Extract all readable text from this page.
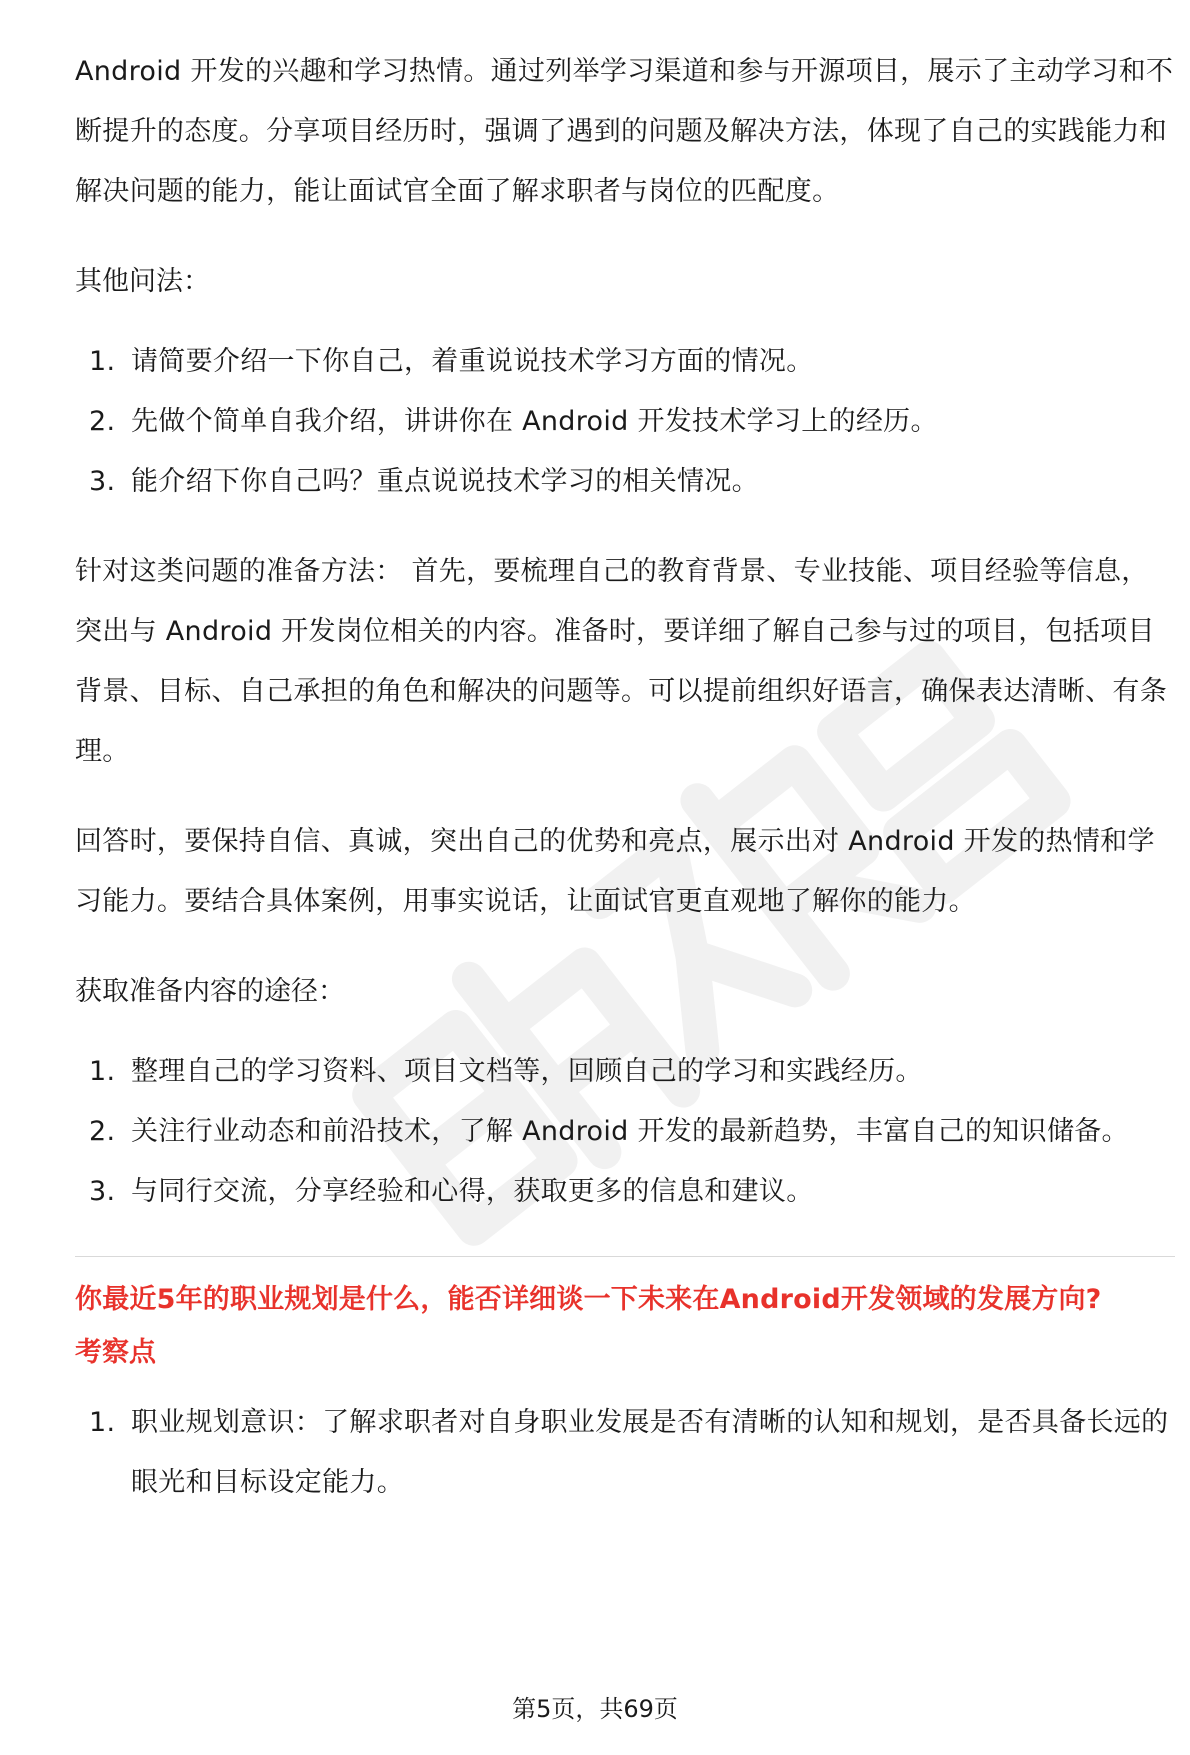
Android 开发的兴趣和学习热情。通过列举学习渠道和参与开源项目，展示了主动学习和不断提升的态度。分享项目经历时，强调了遇到的问题及解决方法，体现了自己的实践能力和解决问题的能力，能让面试官全面了解求职者与岗位的匹配度。

其他问法：

1. 请简要介绍一下你自己，着重说说技术学习方面的情况。
2. 先做个简单自我介绍，讲讲你在 Android 开发技术学习上的经历。
3. 能介绍下你自己吗？重点说说技术学习的相关情况。

针对这类问题的准备方法： 首先，要梳理自己的教育背景、专业技能、项目经验等信息，突出与 Android 开发岗位相关的内容。准备时，要详细了解自己参与过的项目，包括项目背景、目标、自己承担的角色和解决的问题等。可以提前组织好语言，确保表达清晰、有条理。

回答时，要保持自信、真诚，突出自己的优势和亮点，展示出对 Android 开发的热情和学习能力。要结合具体案例，用事实说话，让面试官更直观地了解你的能力。

获取准备内容的途径：

1. 整理自己的学习资料、项目文档等，回顾自己的学习和实践经历。
2. 关注行业动态和前沿技术，了解 Android 开发的最新趋势，丰富自己的知识储备。
3. 与同行交流，分享经验和心得，获取更多的信息和建议。

你最近5年的职业规划是什么，能否详细谈一下未来在Android开发领域的发展方向?

考察点

1. 职业规划意识：了解求职者对自身职业发展是否有清晰的认知和规划，是否具备长远的眼光和目标设定能力。
第5页，共69页
